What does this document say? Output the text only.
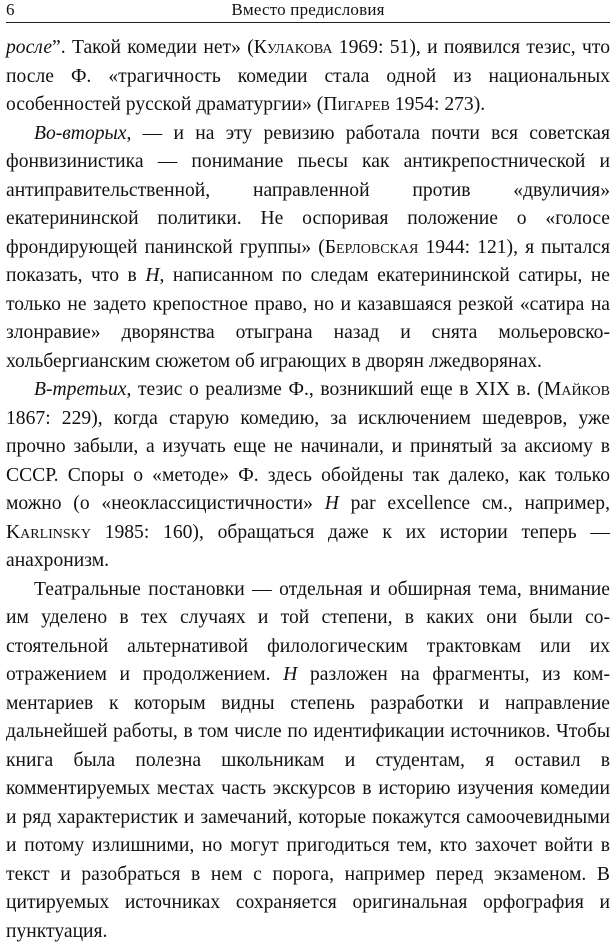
6	Вместо предисловия

росле”. Такой комедии нет» (Кулакова 1969: 51), и появился тезис, что после Ф. «трагичность комедии стала одной из национальных особенностей русской драматургии» (Пигарев 1954: 273).

Во-вторых, — и на эту ревизию работала почти вся советская фонвизинистика — понимание пьесы как антикрепостнической и антиправительственной, направленной против «двуличия» екатерининской политики. Не оспоривая положение о «голосе фрондирующей панинской группы» (Берловская 1944: 121), я пытался показать, что в Н, написанном по следам екатерининской сатиры, не только не задето крепостное право, но и казавшаяся резкой «сатира на злонравие» дворянства отыграна назад и снята мольеровско-хольбергианским сюжетом об играющих в дворян лжедворянах.

В-третьих, тезис о реализме Ф., возникший еще в XIX в. (Майков 1867: 229), когда старую комедию, за исключением шедевров, уже прочно забыли, а изучать еще не начинали, и принятый за аксиому в СССР. Споры о «методе» Ф. здесь обойдены так далеко, как только можно (о «неоклассицистичности» Н par excellence см., например, Karlinsky 1985: 160), обращаться даже к их истории теперь — анахронизм.

Театральные постановки — отдельная и обширная тема, внимание им уделено в тех случаях и той степени, в каких они были состоятельной альтернативой филологическим трактовкам или их отражением и продолжением. Н разложен на фрагменты, из комментариев к которым видны степень разработки и направление дальнейшей работы, в том числе по идентификации источников. Чтобы книга была полезна школьникам и студентам, я оставил в комментируемых местах часть экскурсов в историю изучения комедии и ряд характеристик и замечаний, которые покажутся самоочевидными и потому излишними, но могут пригодиться тем, кто захочет войти в текст и разобраться в нем с порога, например перед экзаменом. В цитируемых источниках сохраняется оригинальная орфография и пунктуация.
